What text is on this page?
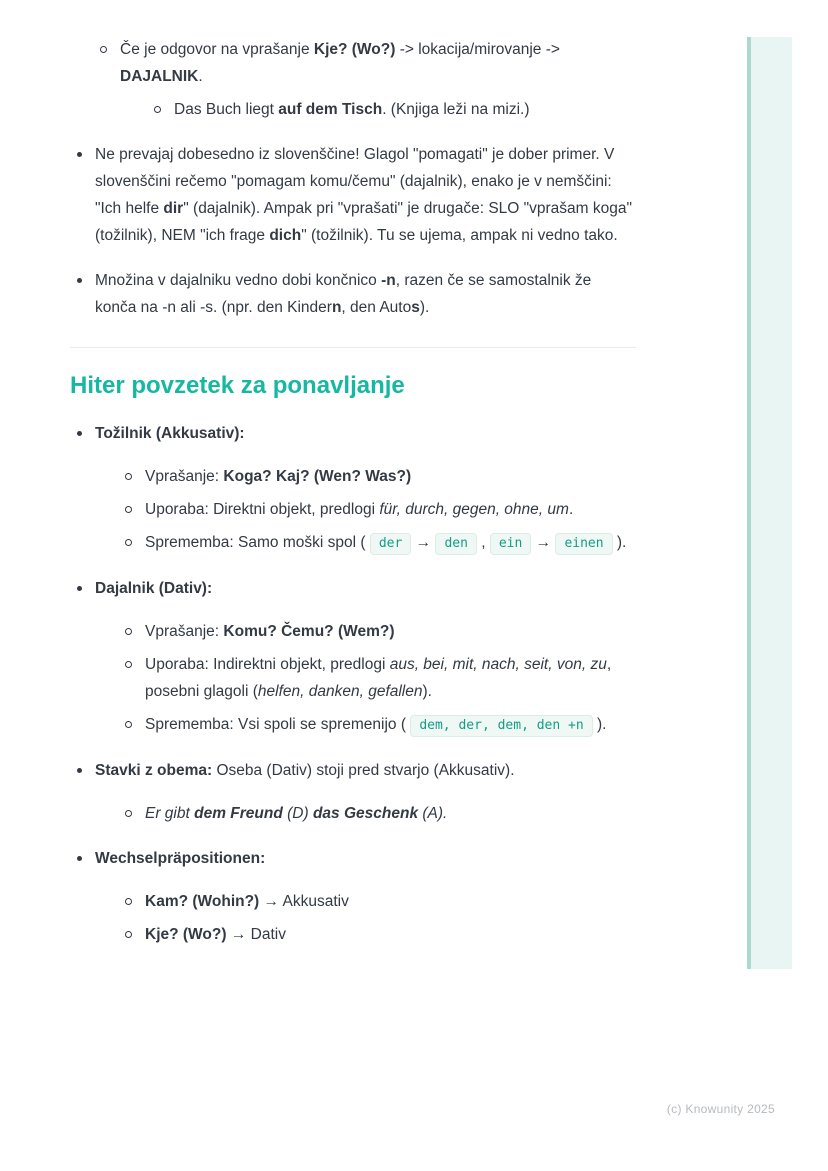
Če je odgovor na vprašanje Kje? (Wo?) -> lokacija/mirovanje -> DAJALNIK.
Das Buch liegt auf dem Tisch. (Knjiga leži na mizi.)
Ne prevajaj dobesedno iz slovenščine! Glagol "pomagati" je dober primer. V slovenščini rečemo "pomagam komu/čemu" (dajalnik), enako je v nemščini: "Ich helfe dir" (dajalnik). Ampak pri "vprašati" je drugače: SLO "vprašam koga" (tožilnik), NEM "ich frage dich" (tožilnik). Tu se ujema, ampak ni vedno tako.
Množina v dajalniku vedno dobi končnico -n, razen če se samostalnik že konča na -n ali -s. (npr. den Kindern, den Autos).
Hiter povzetek za ponavljanje
Tožilnik (Akkusativ):
Vprašanje: Koga? Kaj? (Wen? Was?)
Uporaba: Direktni objekt, predlogi für, durch, gegen, ohne, um.
Sprememba: Samo moški spol ( der → den , ein → einen ).
Dajalnik (Dativ):
Vprašanje: Komu? Čemu? (Wem?)
Uporaba: Indirektni objekt, predlogi aus, bei, mit, nach, seit, von, zu, posebni glagoli (helfen, danken, gefallen).
Sprememba: Vsi spoli se spremenijo ( dem, der, dem, den +n ).
Stavki z obema: Oseba (Dativ) stoji pred stvarjo (Akkusativ).
Er gibt dem Freund (D) das Geschenk (A).
Wechselpräpositionen:
Kam? (Wohin?) → Akkusativ
Kje? (Wo?) → Dativ
(c) Knowunity 2025
